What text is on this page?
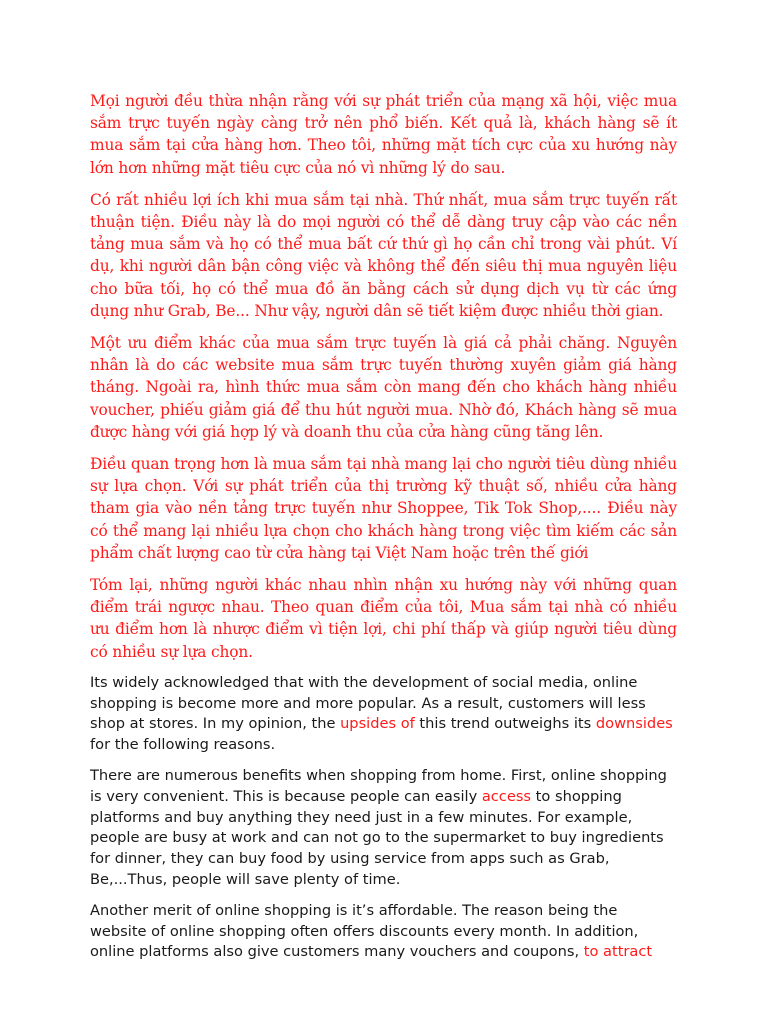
Mọi người đều thừa nhận rằng với sự phát triển của mạng xã hội, việc mua sắm trực tuyến ngày càng trở nên phổ biến. Kết quả là, khách hàng sẽ ít mua sắm tại cửa hàng hơn. Theo tôi, những mặt tích cực của xu hướng này lớn hơn những mặt tiêu cực của nó vì những lý do sau.

Có rất nhiều lợi ích khi mua sắm tại nhà. Thứ nhất, mua sắm trực tuyến rất thuận tiện. Điều này là do mọi người có thể dễ dàng truy cập vào các nền tảng mua sắm và họ có thể mua bất cứ thứ gì họ cần chỉ trong vài phút. Ví dụ, khi người dân bận công việc và không thể đến siêu thị mua nguyên liệu cho bữa tối, họ có thể mua đồ ăn bằng cách sử dụng dịch vụ từ các ứng dụng như Grab, Be... Như vậy, người dân sẽ tiết kiệm được nhiều thời gian.

Một ưu điểm khác của mua sắm trực tuyến là giá cả phải chăng. Nguyên nhân là do các website mua sắm trực tuyến thường xuyên giảm giá hàng tháng. Ngoài ra, hình thức mua sắm còn mang đến cho khách hàng nhiều voucher, phiếu giảm giá để thu hút người mua. Nhờ đó, Khách hàng sẽ mua được hàng với giá hợp lý và doanh thu của cửa hàng cũng tăng lên.

Điều quan trọng hơn là mua sắm tại nhà mang lại cho người tiêu dùng nhiều sự lựa chọn. Với sự phát triển của thị trường kỹ thuật số, nhiều cửa hàng tham gia vào nền tảng trực tuyến như Shoppee, Tik Tok Shop,.... Điều này có thể mang lại nhiều lựa chọn cho khách hàng trong việc tìm kiếm các sản phẩm chất lượng cao từ cửa hàng tại Việt Nam hoặc trên thế giới

Tóm lại, những người khác nhau nhìn nhận xu hướng này với những quan điểm trái ngược nhau. Theo quan điểm của tôi, Mua sắm tại nhà có nhiều ưu điểm hơn là nhược điểm vì tiện lợi, chi phí thấp và giúp người tiêu dùng có nhiều sự lựa chọn.

Its widely acknowledged that with the development of social media, online shopping is become more and more popular. As a result, customers will less shop at stores. In my opinion, the upsides of this trend outweighs its downsides for the following reasons.

There are numerous benefits when shopping from home. First, online shopping is very convenient. This is because people can easily access to shopping platforms and buy anything they need just in a few minutes. For example, people are busy at work and can not go to the supermarket to buy ingredients for dinner, they can buy food by using service from apps such as Grab, Be,...Thus, people will save plenty of time.

Another merit of online shopping is it’s affordable. The reason being the website of online shopping often offers discounts every month. In addition, online platforms also give customers many vouchers and coupons, to attract
